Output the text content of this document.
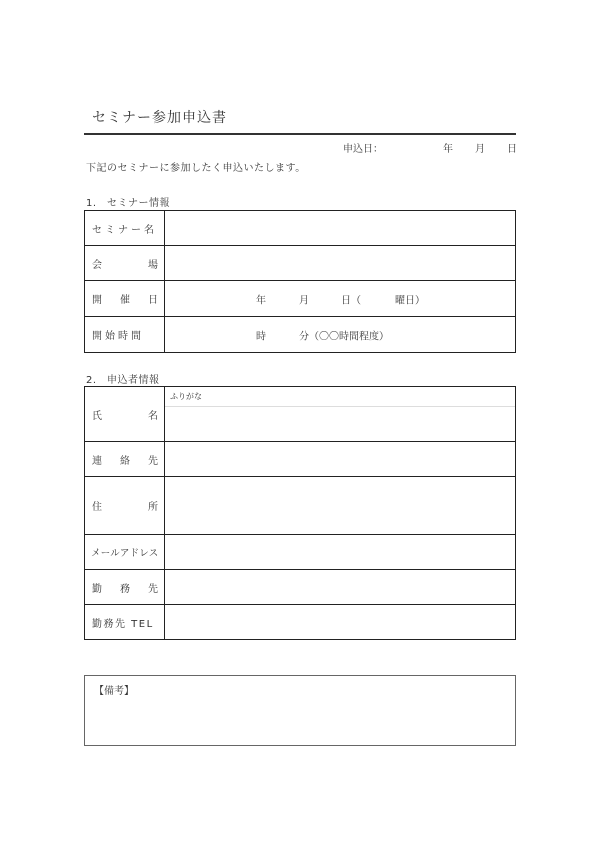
セミナー参加申込書
申込日：	年 月 日
下記のセミナーに参加したく申込いたします。
1.　セミナー情報
セミナー名	

会 場	

開 催 日	年 月 日（ 曜日）

開始時間	時 分（〇〇時間程度）
2.　申込者情報
氏 名	ふりがな

連 絡 先	

住 所	

メールアドレス	

勤 務 先	

勤務先 TEL	
【備考】
